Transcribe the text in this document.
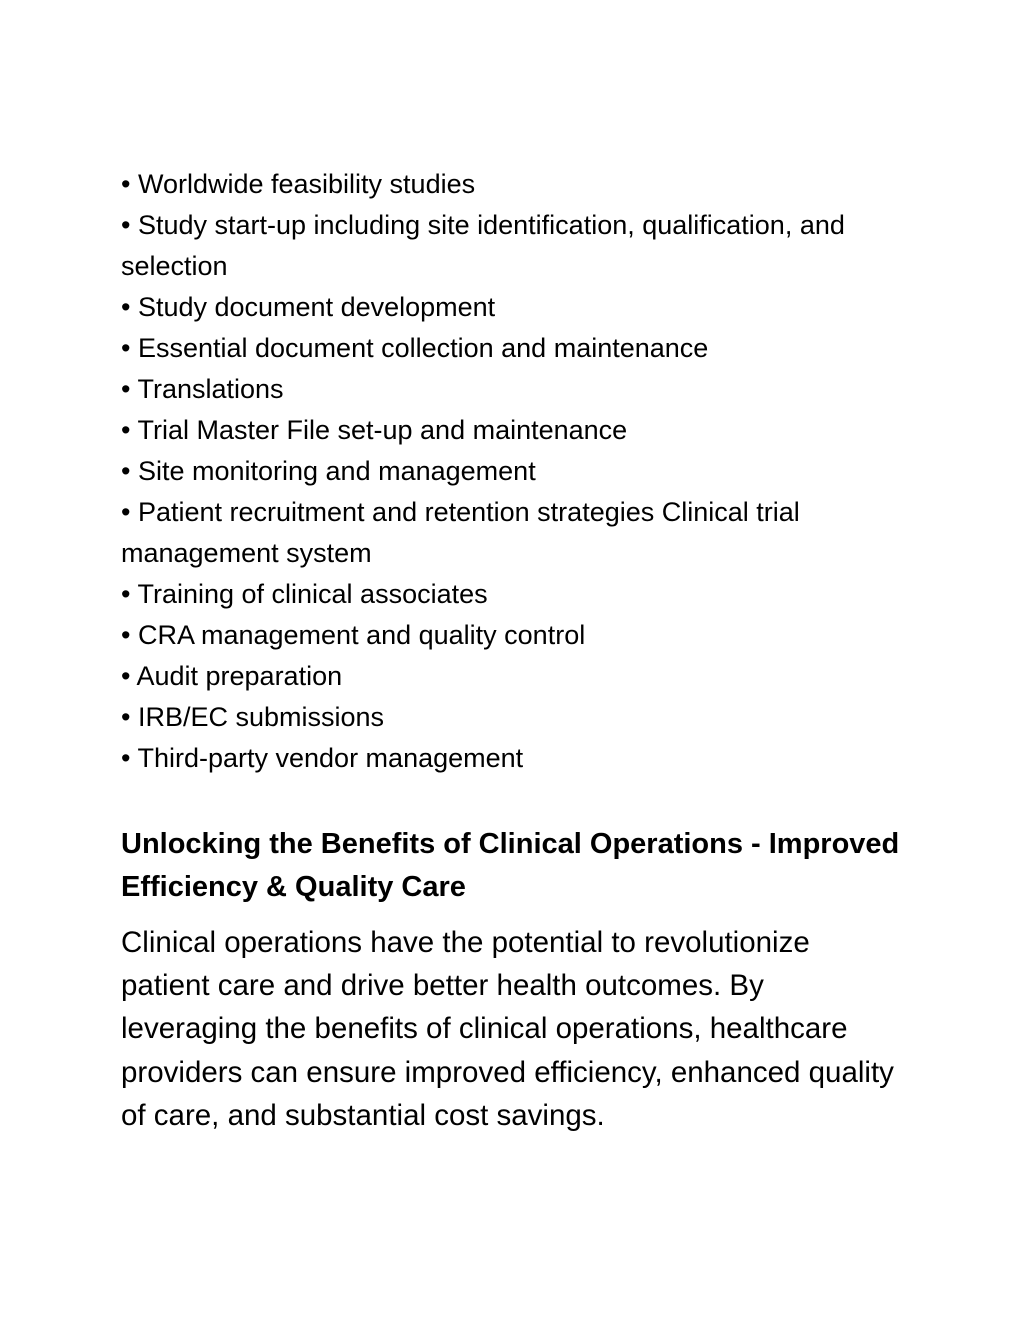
• Worldwide feasibility studies
• Study start-up including site identification, qualification, and selection
• Study document development
• Essential document collection and maintenance
• Translations
• Trial Master File set-up and maintenance
• Site monitoring and management
• Patient recruitment and retention strategies Clinical trial management system
• Training of clinical associates
• CRA management and quality control
• Audit preparation
• IRB/EC submissions
• Third-party vendor management
Unlocking the Benefits of Clinical Operations - Improved Efficiency & Quality Care

Clinical operations have the potential to revolutionize patient care and drive better health outcomes. By leveraging the benefits of clinical operations, healthcare providers can ensure improved efficiency, enhanced quality of care, and substantial cost savings.
